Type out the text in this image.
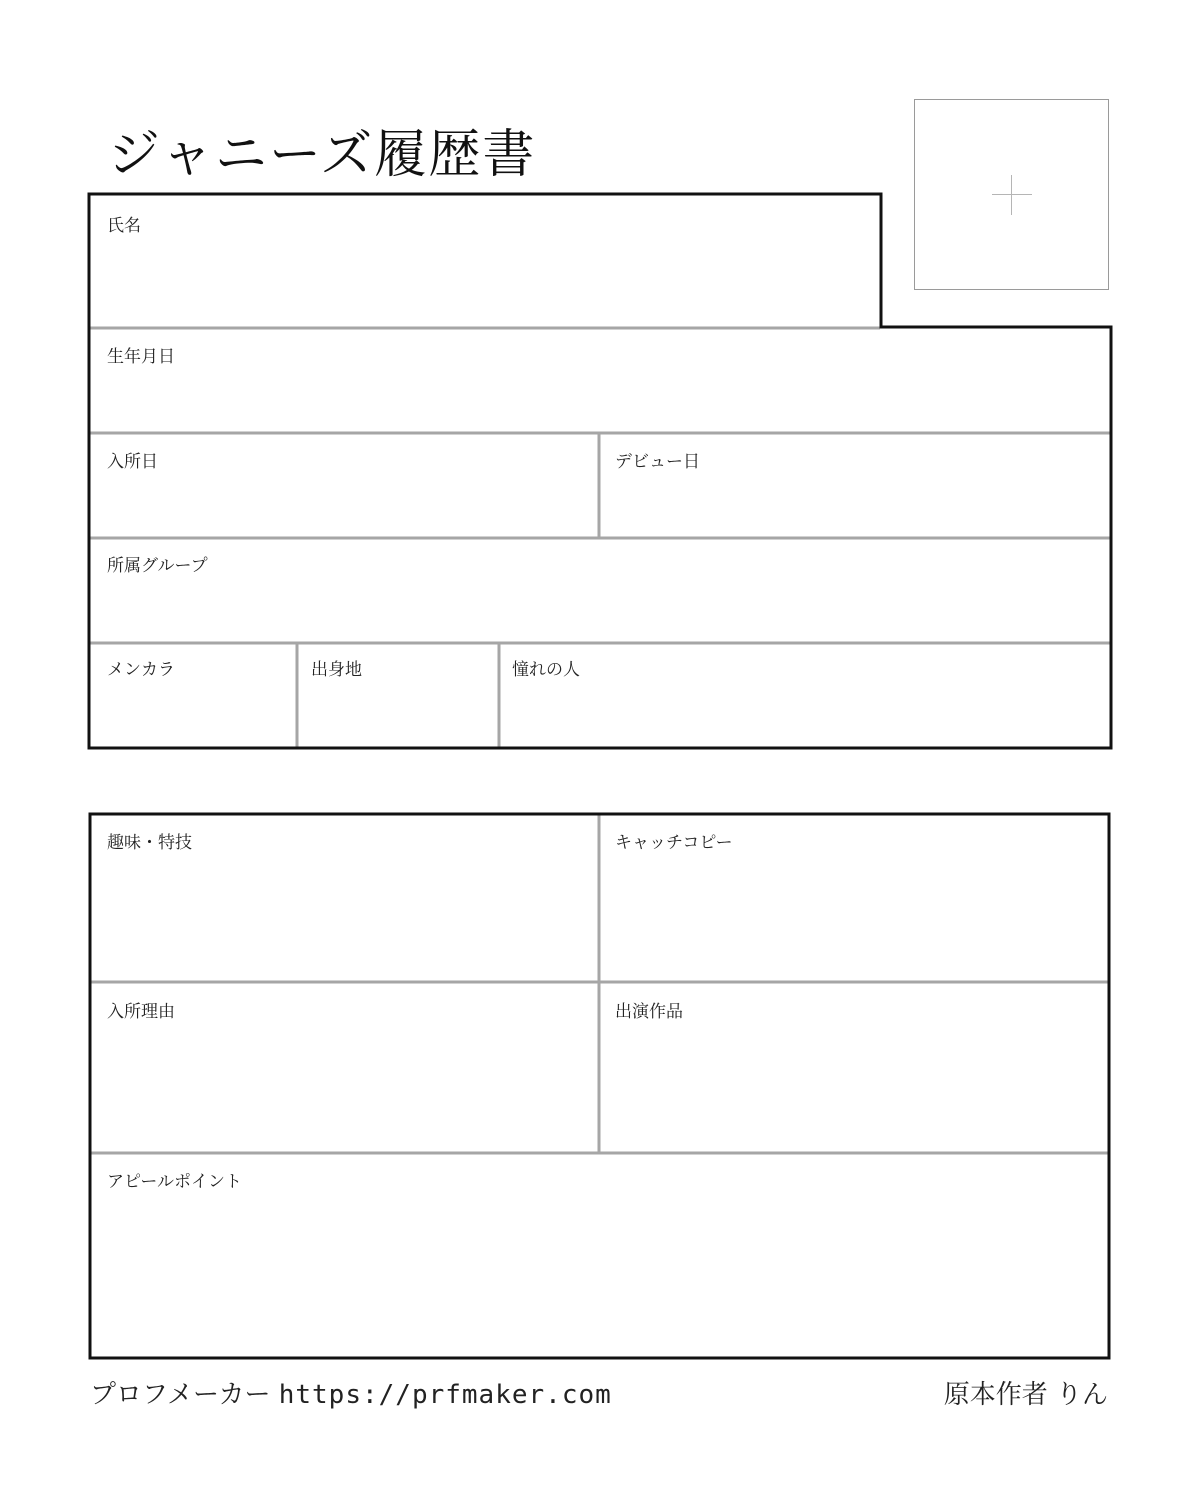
ジャニーズ履歴書
氏名
生年月日
入所日	デビュー日
所属グループ
メンカラ	出身地	憧れの人
趣味・特技	キャッチコピー
入所理由	出演作品
アピールポイント
プロフメーカー https://prfmaker.com	原本作者 りん
